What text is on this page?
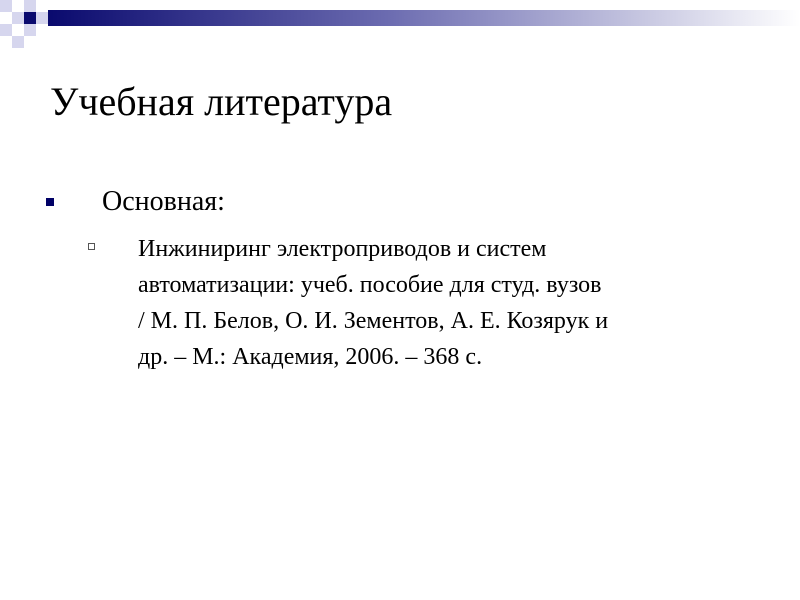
Учебная литература
Основная:
Инжиниринг электроприводов и систем
автоматизации: учеб. пособие для студ. вузов
/ М. П. Белов, О. И. Зементов, А. Е. Козярук и
др. – М.: Академия, 2006. – 368 с.
